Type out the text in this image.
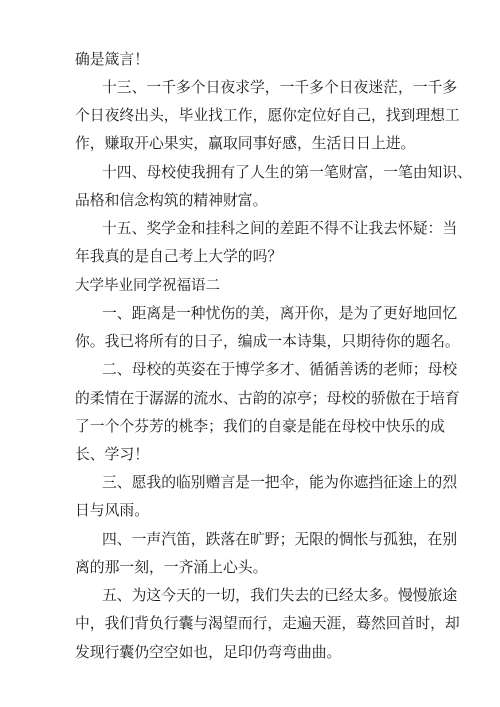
确是箴言！
十三、一千多个日夜求学，一千多个日夜迷茫，一千多
个日夜终出头，毕业找工作，愿你定位好自己，找到理想工
作，赚取开心果实，赢取同事好感，生活日日上进。
十四、母校使我拥有了人生的第一笔财富，一笔由知识、
品格和信念构筑的精神财富。
十五、奖学金和挂科之间的差距不得不让我去怀疑：当
年我真的是自己考上大学的吗？
大学毕业同学祝福语二
一、距离是一种忧伤的美，离开你，是为了更好地回忆
你。我已将所有的日子，编成一本诗集，只期待你的题名。
二、母校的英姿在于博学多才、循循善诱的老师；母校
的柔情在于潺潺的流水、古韵的凉亭；母校的骄傲在于培育
了一个个芬芳的桃李；我们的自豪是能在母校中快乐的成
长、学习！
三、愿我的临别赠言是一把伞，能为你遮挡征途上的烈
日与风雨。
四、一声汽笛，跌落在旷野；无限的惆怅与孤独，在别
离的那一刻，一齐涌上心头。
五、为这今天的一切，我们失去的已经太多。慢慢旅途
中，我们背负行囊与渴望而行，走遍天涯，蓦然回首时，却
发现行囊仍空空如也，足印仍弯弯曲曲。
